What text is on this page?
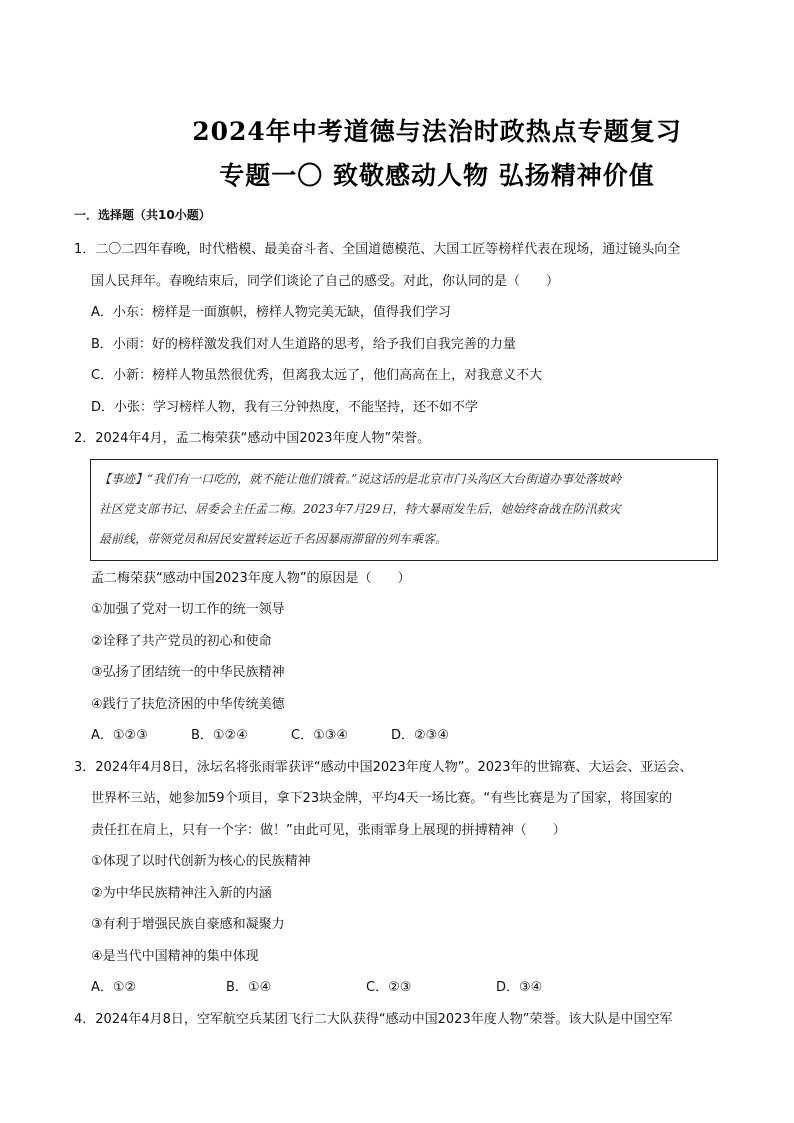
2024年中考道德与法治时政热点专题复习
专题一〇 致敬感动人物 弘扬精神价值
一．选择题（共10小题）
1．二〇二四年春晚，时代楷模、最美奋斗者、全国道德模范、大国工匠等榜样代表在现场，通过镜头向全
国人民拜年。春晚结束后，同学们谈论了自己的感受。对此，你认同的是（　　）
A．小东：榜样是一面旗帜，榜样人物完美无缺，值得我们学习
B．小雨：好的榜样激发我们对人生道路的思考，给予我们自我完善的力量
C．小新：榜样人物虽然很优秀，但离我太远了，他们高高在上，对我意义不大
D．小张：学习榜样人物，我有三分钟热度，不能坚持，还不如不学
2．2024年4月，孟二梅荣获“感动中国2023年度人物”荣誉。
【事迹】“我们有一口吃的，就不能让他们饿着。”说这话的是北京市门头沟区大台街道办事处落坡岭
社区党支部书记、居委会主任孟二梅。2023年7月29日，特大暴雨发生后，她始终奋战在防汛救灾
最前线，带领党员和居民安置转运近千名因暴雨滞留的列车乘客。
孟二梅荣获“感动中国2023年度人物”的原因是（　　）
①加强了党对一切工作的统一领导
②诠释了共产党员的初心和使命
③弘扬了团结统一的中华民族精神
④践行了扶危济困的中华传统美德
A．①②③	B．①②④	C．①③④	D．②③④
3．2024年4月8日，泳坛名将张雨霏获评“感动中国2023年度人物”。2023年的世锦赛、大运会、亚运会、
世界杯三站，她参加59个项目，拿下23块金牌，平均4天一场比赛。“有些比赛是为了国家，将国家的
责任扛在肩上，只有一个字：做！”由此可见，张雨霏身上展现的拼搏精神（　　）
①体现了以时代创新为核心的民族精神
②为中华民族精神注入新的内涵
③有利于增强民族自豪感和凝聚力
④是当代中国精神的集中体现
A．①②	B．①④	C．②③	D．③④
4．2024年4月8日，空军航空兵某团飞行二大队获得“感动中国2023年度人物”荣誉。该大队是中国空军
